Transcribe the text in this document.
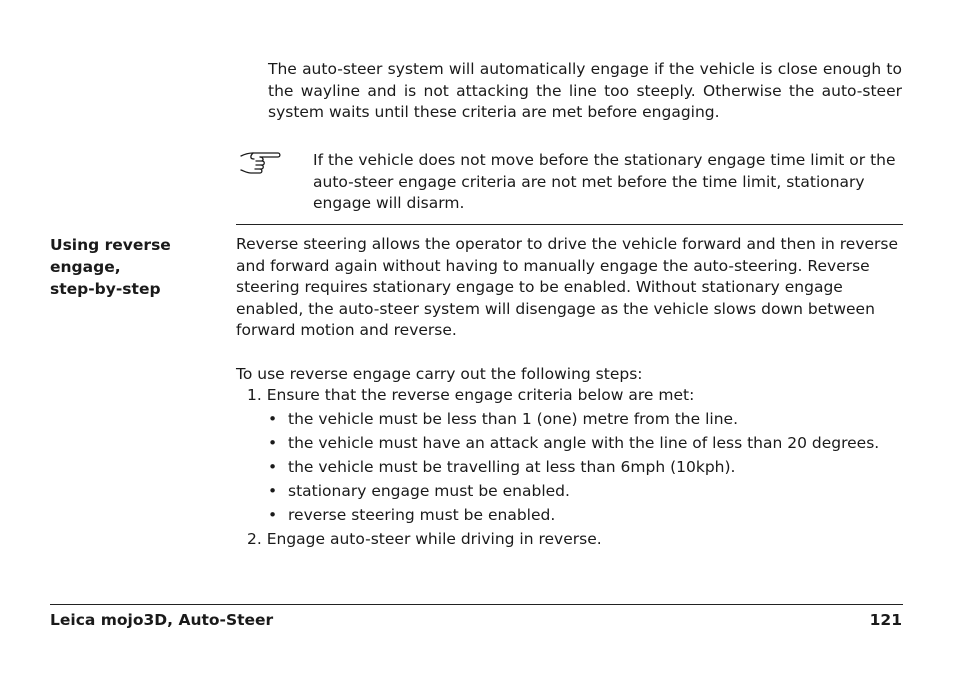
The auto-steer system will automatically engage if the vehicle is close enough to the wayline and is not attacking the line too steeply. Otherwise the auto-steer system waits until these criteria are met before engaging.
If the vehicle does not move before the stationary engage time limit or the auto-steer engage criteria are not met before the time limit, stationary engage will disarm.
Using reverse
engage,
step-by-step
Reverse steering allows the operator to drive the vehicle forward and then in reverse and forward again without having to manually engage the auto-steering. Reverse steering requires stationary engage to be enabled. Without stationary engage enabled, the auto-steer system will disengage as the vehicle slows down between forward motion and reverse.
To use reverse engage carry out the following steps:
1. Ensure that the reverse engage criteria below are met:
• the vehicle must be less than 1 (one) metre from the line.
• the vehicle must have an attack angle with the line of less than 20 degrees.
• the vehicle must be travelling at less than 6mph (10kph).
• stationary engage must be enabled.
• reverse steering must be enabled.
2. Engage auto-steer while driving in reverse.
Leica mojo3D, Auto-Steer	121
